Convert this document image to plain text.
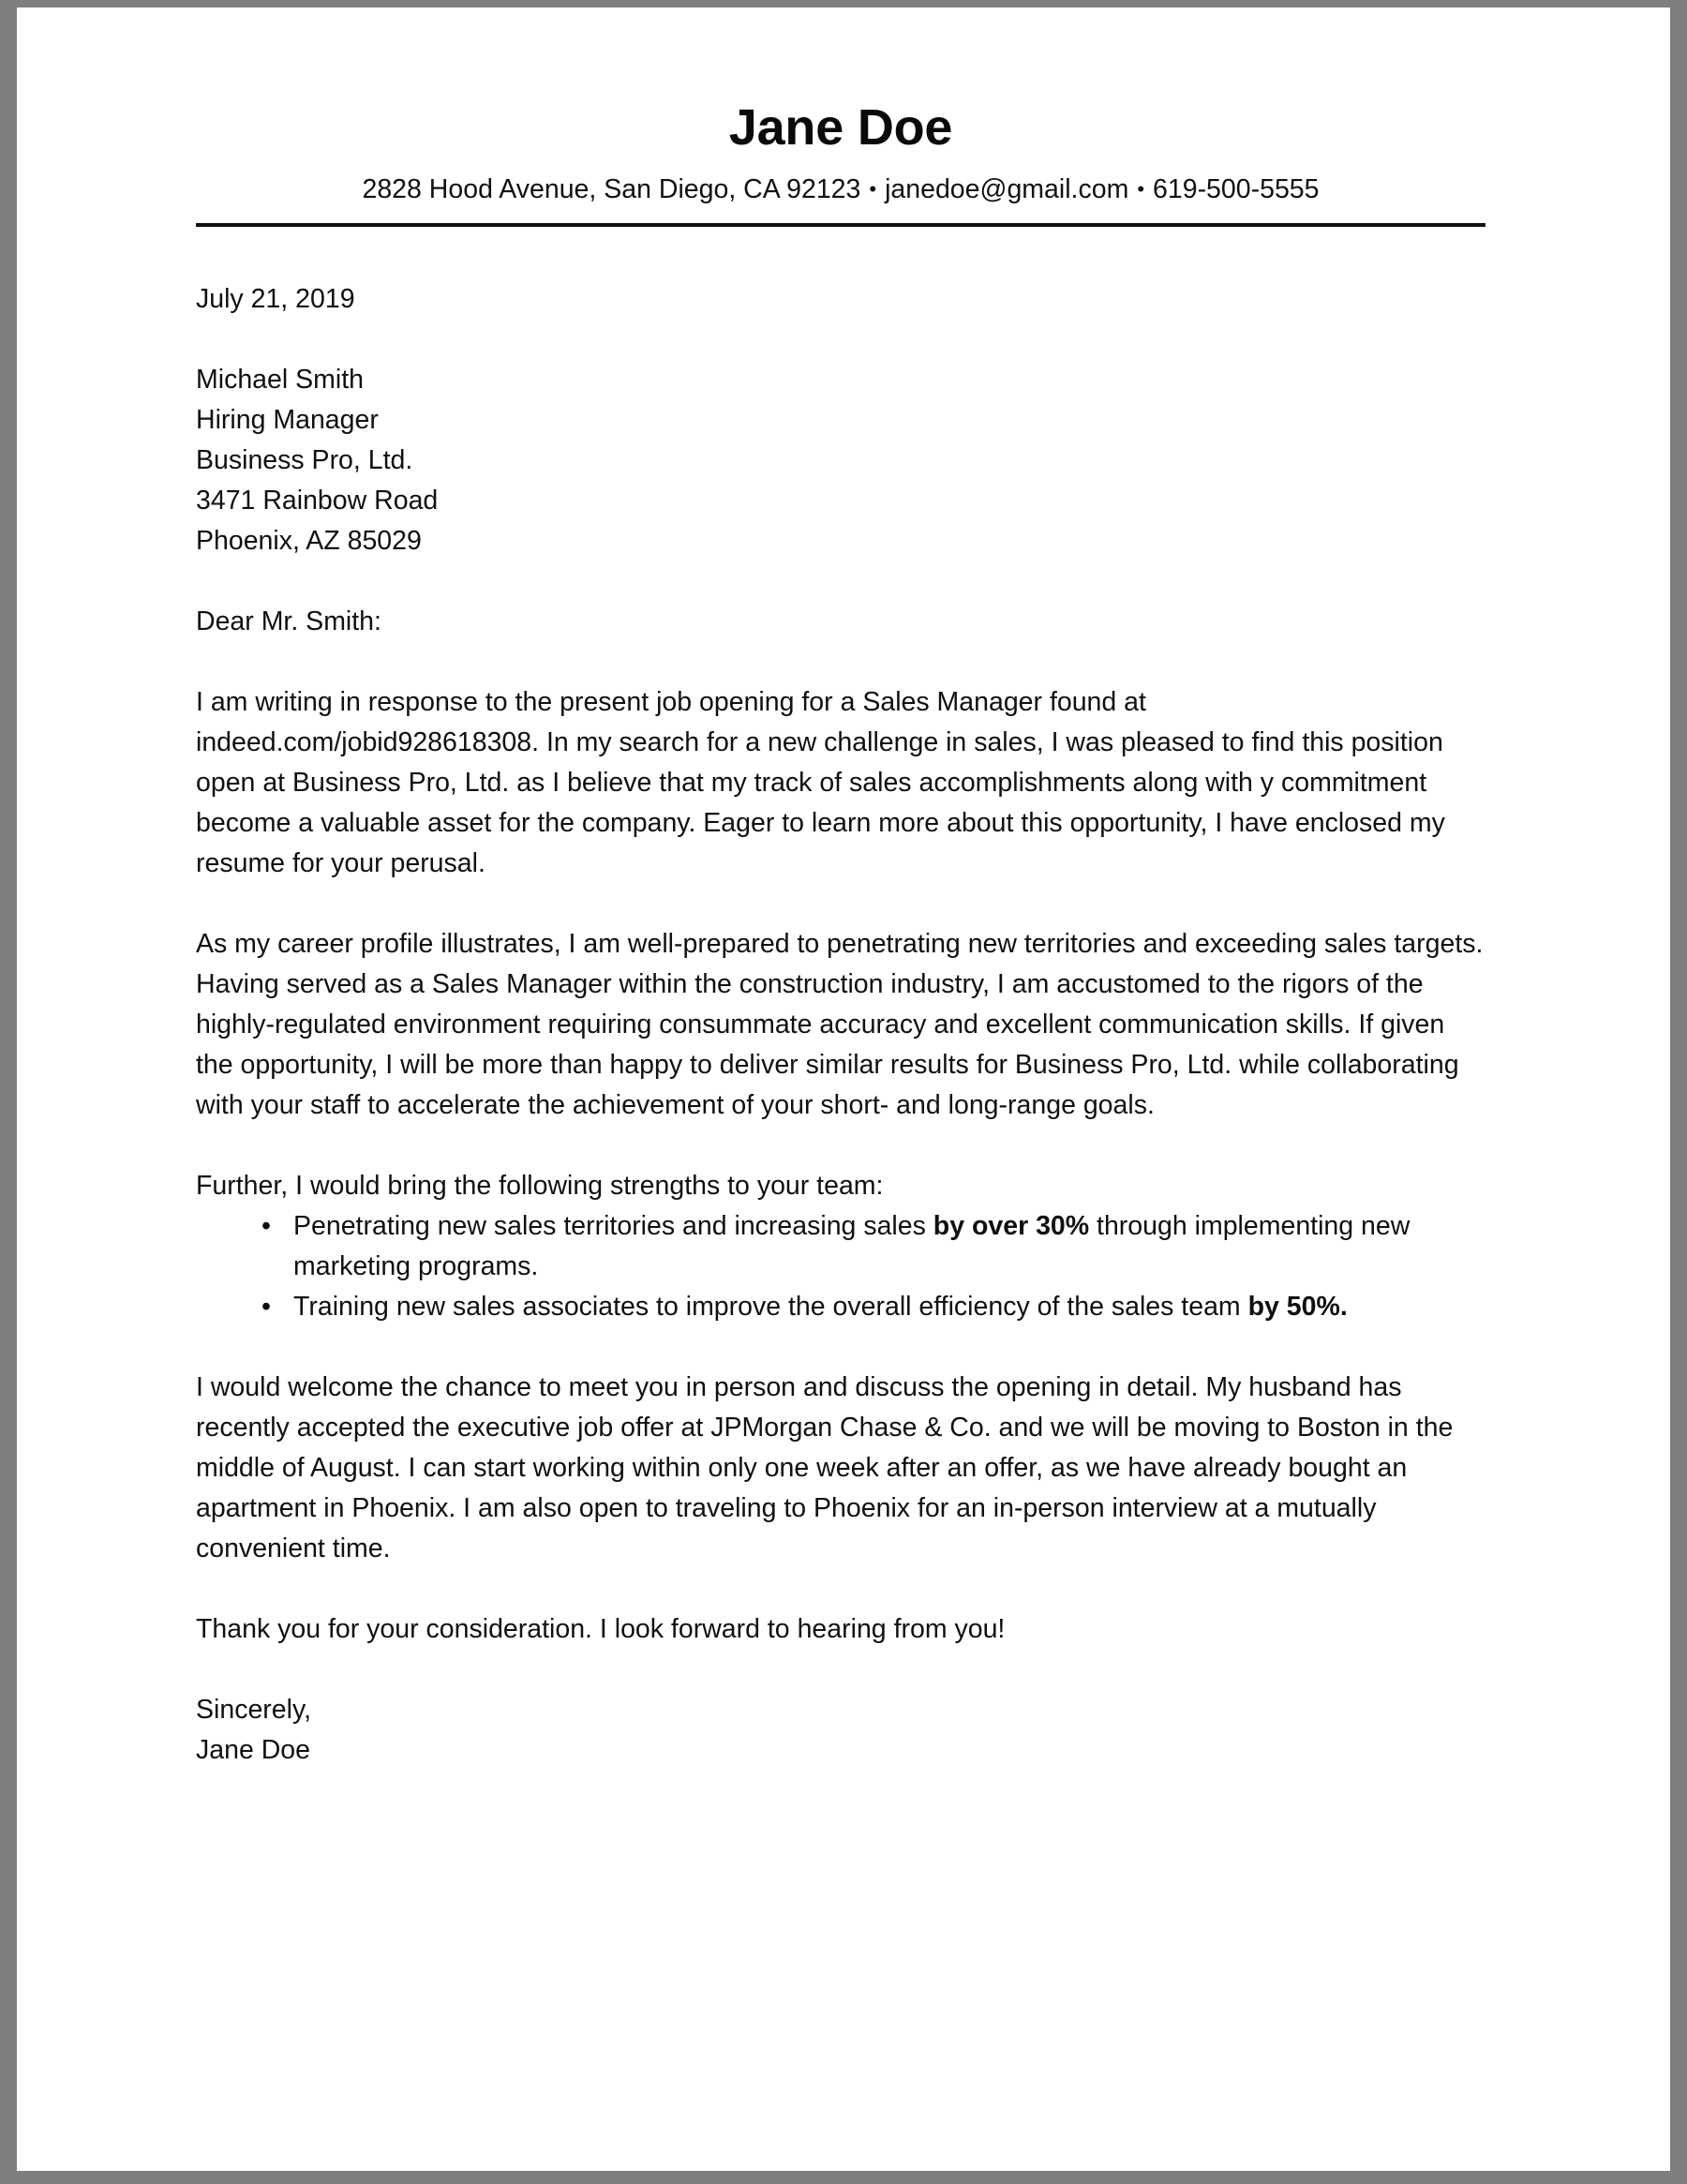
Jane Doe
2828 Hood Avenue, San Diego, CA 92123 • janedoe@gmail.com • 619-500-5555

July 21, 2019

Michael Smith
Hiring Manager
Business Pro, Ltd.
3471 Rainbow Road
Phoenix, AZ 85029

Dear Mr. Smith:

I am writing in response to the present job opening for a Sales Manager found at indeed.com/jobid928618308. In my search for a new challenge in sales, I was pleased to find this position open at Business Pro, Ltd. as I believe that my track of sales accomplishments along with y commitment become a valuable asset for the company. Eager to learn more about this opportunity, I have enclosed my resume for your perusal.

As my career profile illustrates, I am well-prepared to penetrating new territories and exceeding sales targets. Having served as a Sales Manager within the construction industry, I am accustomed to the rigors of the highly-regulated environment requiring consummate accuracy and excellent communication skills. If given the opportunity, I will be more than happy to deliver similar results for Business Pro, Ltd. while collaborating with your staff to accelerate the achievement of your short- and long-range goals.

Further, I would bring the following strengths to your team:

• Penetrating new sales territories and increasing sales by over 30% through implementing new marketing programs.
• Training new sales associates to improve the overall efficiency of the sales team by 50%.

I would welcome the chance to meet you in person and discuss the opening in detail. My husband has recently accepted the executive job offer at JPMorgan Chase & Co. and we will be moving to Boston in the middle of August. I can start working within only one week after an offer, as we have already bought an apartment in Phoenix. I am also open to traveling to Phoenix for an in-person interview at a mutually convenient time.

Thank you for your consideration. I look forward to hearing from you!

Sincerely,
Jane Doe
